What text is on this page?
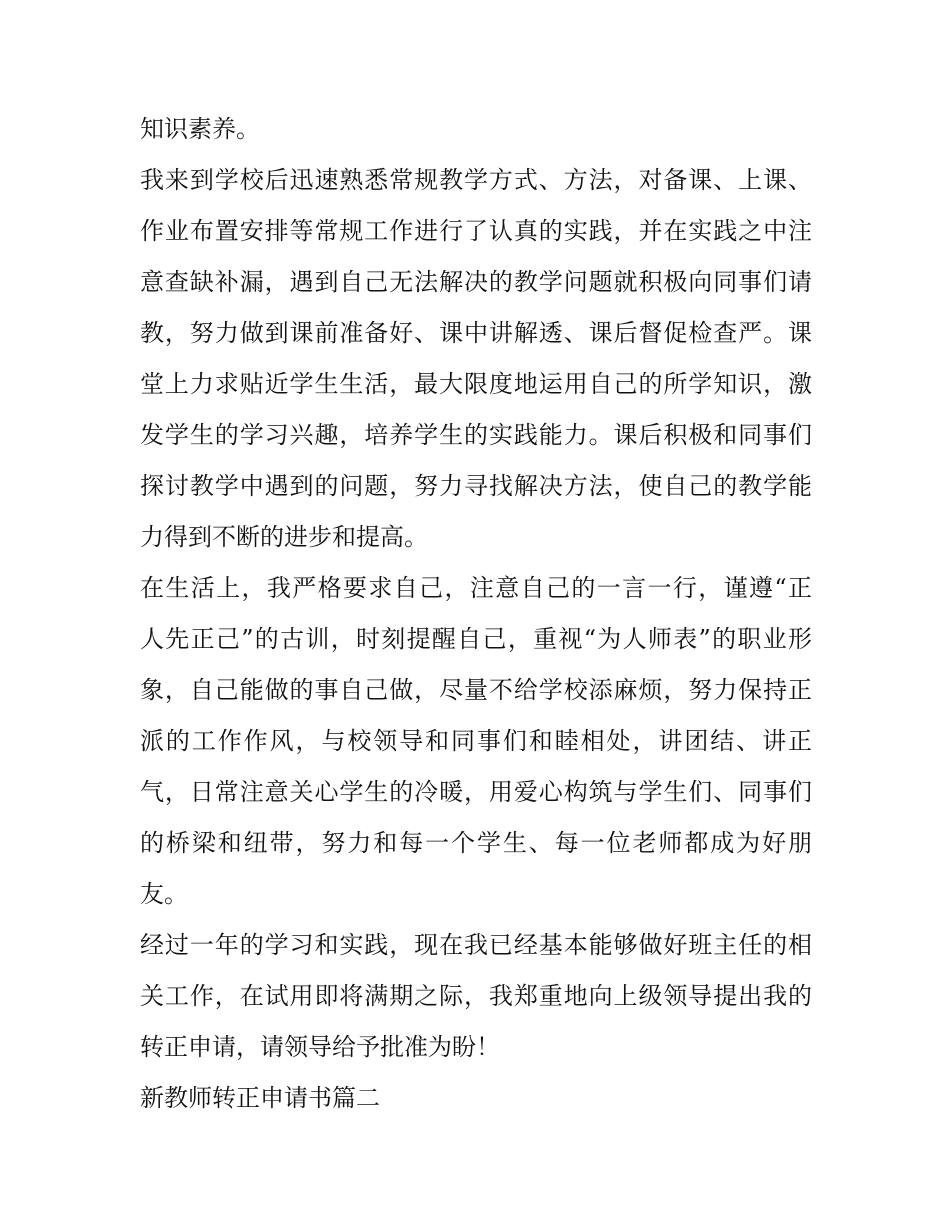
知识素养。
我来到学校后迅速熟悉常规教学方式、方法，对备课、上课、
作业布置安排等常规工作进行了认真的实践，并在实践之中注
意查缺补漏，遇到自己无法解决的教学问题就积极向同事们请
教，努力做到课前准备好、课中讲解透、课后督促检查严。课
堂上力求贴近学生生活，最大限度地运用自己的所学知识，激
发学生的学习兴趣，培养学生的实践能力。课后积极和同事们
探讨教学中遇到的问题，努力寻找解决方法，使自己的教学能
力得到不断的进步和提高。
在生活上，我严格要求自己，注意自己的一言一行，谨遵“正
人先正己”的古训，时刻提醒自己，重视“为人师表”的职业形
象，自己能做的事自己做，尽量不给学校添麻烦，努力保持正
派的工作作风，与校领导和同事们和睦相处，讲团结、讲正
气，日常注意关心学生的冷暖，用爱心构筑与学生们、同事们
的桥梁和纽带，努力和每一个学生、每一位老师都成为好朋
友。
经过一年的学习和实践，现在我已经基本能够做好班主任的相
关工作，在试用即将满期之际，我郑重地向上级领导提出我的
转正申请，请领导给予批准为盼！
新教师转正申请书篇二
